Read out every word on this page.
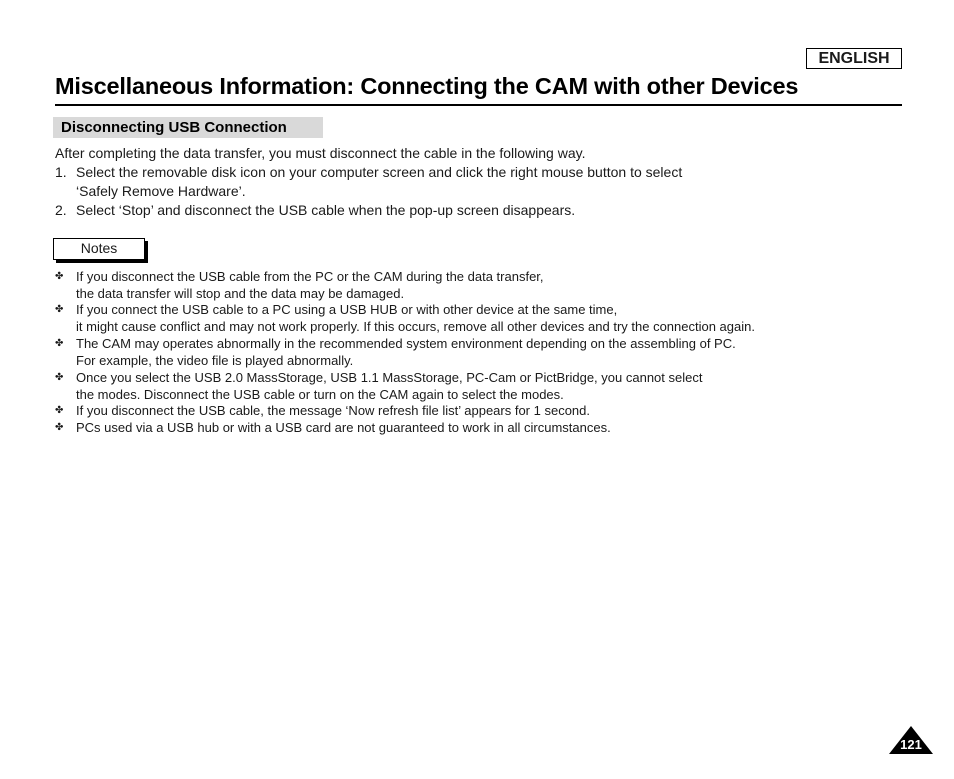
ENGLISH
Miscellaneous Information: Connecting the CAM with other Devices
Disconnecting USB Connection
After completing the data transfer, you must disconnect the cable in the following way.
1. Select the removable disk icon on your computer screen and click the right mouse button to select
‘Safely Remove Hardware’.
2. Select ‘Stop’ and disconnect the USB cable when the pop-up screen disappears.
Notes
✤ If you disconnect the USB cable from the PC or the CAM during the data transfer,
the data transfer will stop and the data may be damaged.
✤ If you connect the USB cable to a PC using a USB HUB or with other device at the same time,
it might cause conflict and may not work properly. If this occurs, remove all other devices and try the connection again.
✤ The CAM may operates abnormally in the recommended system environment depending on the assembling of PC.
For example, the video file is played abnormally.
✤ Once you select the USB 2.0 MassStorage, USB 1.1 MassStorage, PC-Cam or PictBridge, you cannot select
the modes. Disconnect the USB cable or turn on the CAM again to select the modes.
✤ If you disconnect the USB cable, the message ‘Now refresh file list’ appears for 1 second.
✤ PCs used via a USB hub or with a USB card are not guaranteed to work in all circumstances.
121
